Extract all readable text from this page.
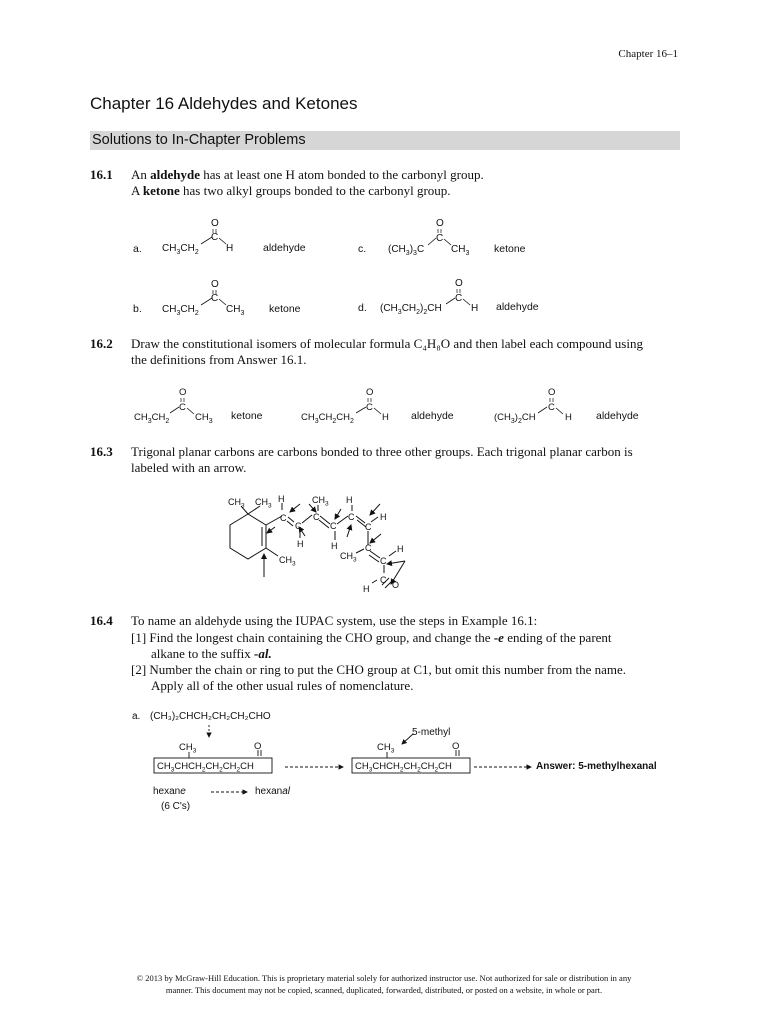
Chapter 16–1
Chapter 16 Aldehydes and Ketones
Solutions to In-Chapter Problems
16.1 An aldehyde has at least one H atom bonded to the carbonyl group.
A ketone has two alkyl groups bonded to the carbonyl group.
a.	aldehyde	c.	ketone
b.	ketone	d.	aldehyde
$CH_3CH_2$
C
O
H	$(CH_3)_3C$
C
O
$CH_3$
$CH_3CH_2$
C
O
$CH_3$	$(CH_3CH_2)_2CH$
C
O
H
$CH_3CH_2$
C
O
$CH_3$	$CH_3CH_2CH_2$
C
O
H	$(CH_3)_2CH$
C
O
H
16.2 Draw the constitutional isomers of molecular formula C₄H₈O and then label each compound using
the definitions from Answer 16.1.
ketone	aldehyde	aldehyde
16.3 Trigonal planar carbons are carbons bonded to three other groups. Each trigonal planar carbon is
labeled with an arrow.
$CH_3$ $CH_3$
H
C
C
H
$CH_3$
C
C
H
H
C
C
H
$CH_3$
C
C
H
C O
H
$CH_3$
16.4 To name an aldehyde using the IUPAC system, use the steps in Example 16.1:
[1] Find the longest chain containing the CHO group, and change the -e ending of the parent
alkane to the suffix -al.
[2] Number the chain or ring to put the CHO group at C1, but omit this number from the name.
Apply all of the other usual rules of nomenclature.
a. (CH₃)₂CHCH₂CH₂CH₂CHO
5-methyl
Answer: 5-methylhexanal
hexane	hexanal
(6 C's)
$CH_3$	O
$CH_3CHCH_2CH_2CH_2CH$
$CH_3$	O
$CH_3CHCH_2CH_2CH_2CH$
© 2013 by McGraw-Hill Education. This is proprietary material solely for authorized instructor use. Not authorized for sale or distribution in any
manner. This document may not be copied, scanned, duplicated, forwarded, distributed, or posted on a website, in whole or part.
